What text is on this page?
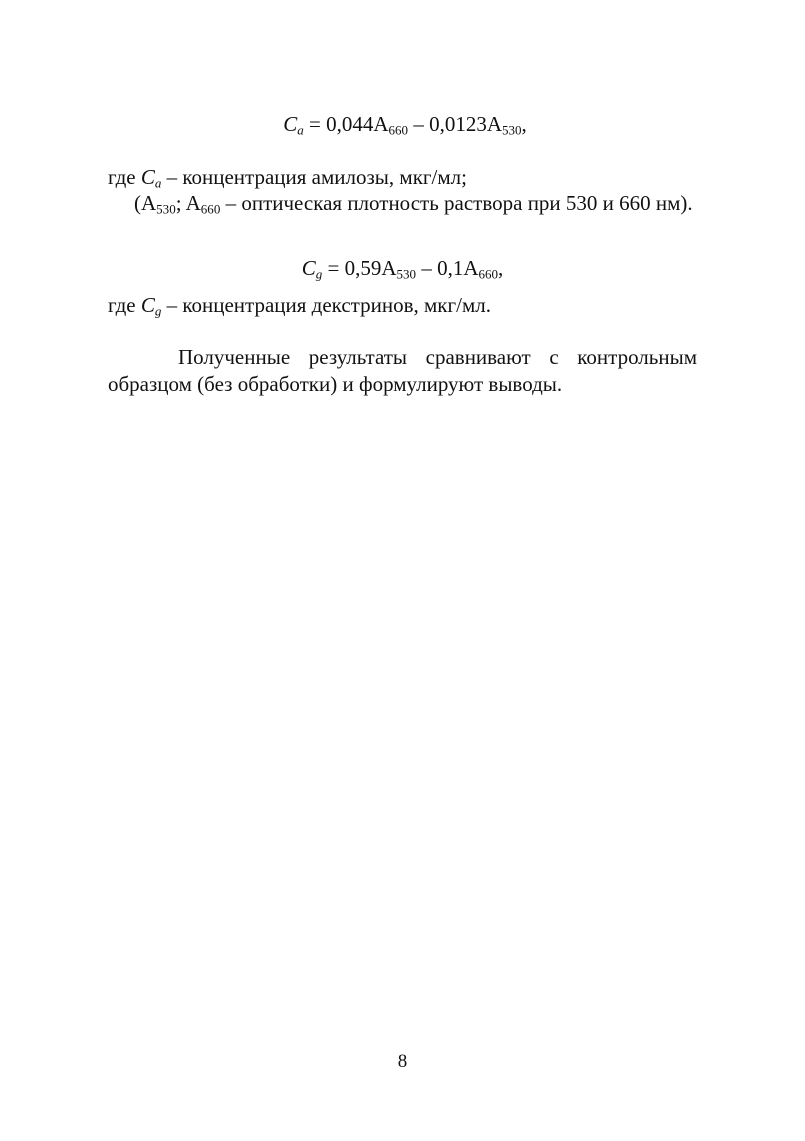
$C_a = 0,044A_{660} - 0,0123A_{530}$,
где $C_a$ – концентрация амилозы, мкг/мл;
($A_{530}$; $A_{660}$ – оптическая плотность раствора при 530 и 660 нм).
$C_g = 0,59A_{530} - 0,1A_{660}$,
где $C_g$ – концентрация декстринов, мкг/мл.
Полученные результаты сравнивают с контрольным образцом (без обработки) и формулируют выводы.
8
